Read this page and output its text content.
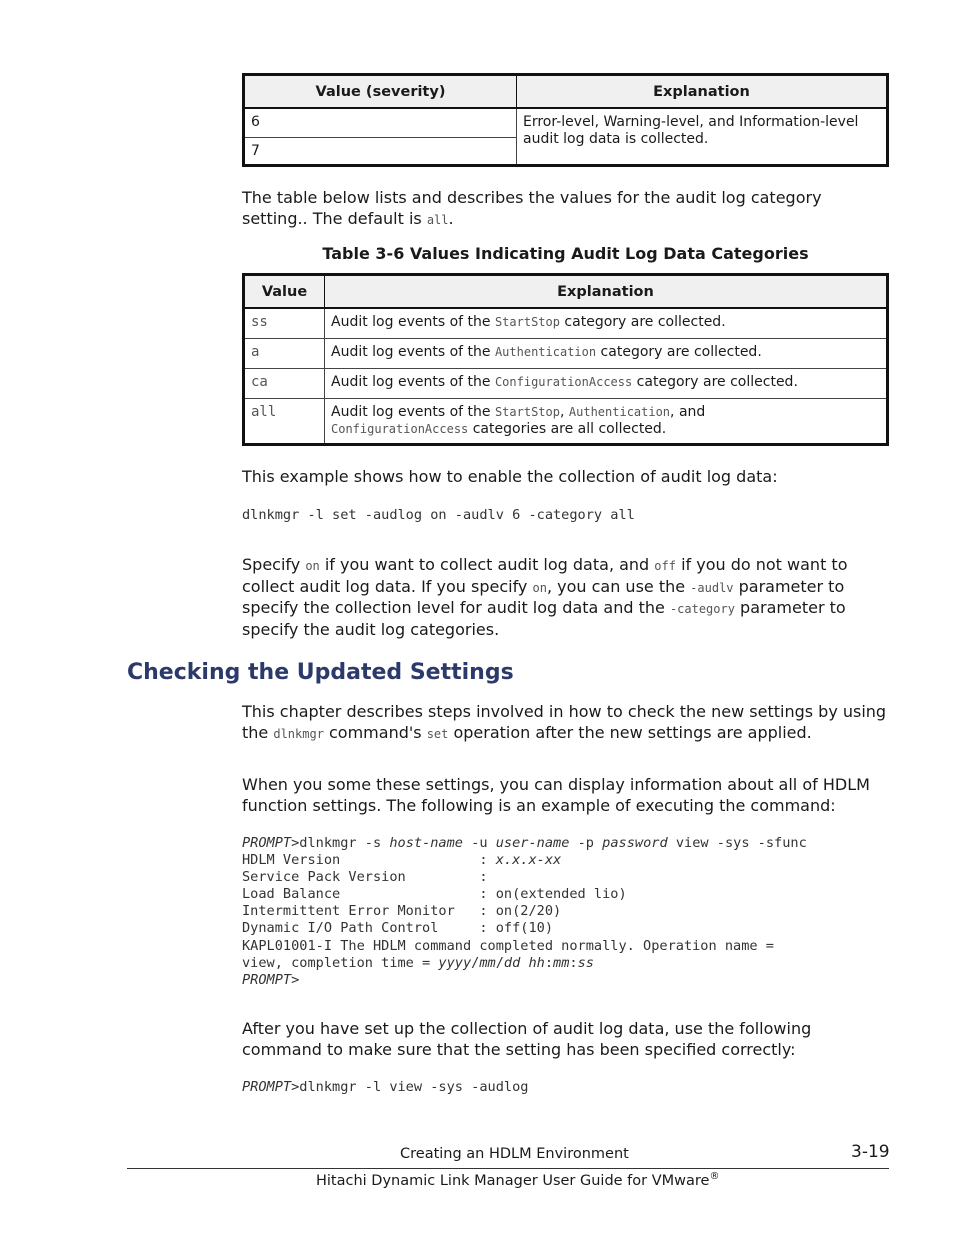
Value (severity)	Explanation
6	Error-level, Warning-level, and Information-level audit log data is collected.
7	

The table below lists and describes the values for the audit log category setting.. The default is all.

Table 3-6 Values Indicating Audit Log Data Categories
Value	Explanation
ss	Audit log events of the StartStop category are collected.
a	Audit log events of the Authentication category are collected.
ca	Audit log events of the ConfigurationAccess category are collected.
all	Audit log events of the StartStop, Authentication, and
ConfigurationAccess categories are all collected.

This example shows how to enable the collection of audit log data:

dlnkmgr -l set -audlog on -audlv 6 -category all

Specify on if you want to collect audit log data, and off if you do not want to collect audit log data. If you specify on, you can use the -audlv parameter to specify the collection level for audit log data and the -category parameter to specify the audit log categories.

Checking the Updated Settings

This chapter describes steps involved in how to check the new settings by using the dlnkmgr command's set operation after the new settings are applied.

When you some these settings, you can display information about all of HDLM function settings. The following is an example of executing the command:

PROMPT>dlnkmgr -s host-name -u user-name -p password view -sys -sfunc
HDLM Version                 : x.x.x-xx
Service Pack Version         :
Load Balance                 : on(extended lio)
Intermittent Error Monitor   : on(2/20)
Dynamic I/O Path Control     : off(10)
KAPL01001-I The HDLM command completed normally. Operation name =
view, completion time = yyyy/mm/dd hh:mm:ss
PROMPT>

After you have set up the collection of audit log data, use the following command to make sure that the setting has been specified correctly:

PROMPT>dlnkmgr -l view -sys -audlog
Creating an HDLM Environment	3-19
Hitachi Dynamic Link Manager User Guide for VMware®
